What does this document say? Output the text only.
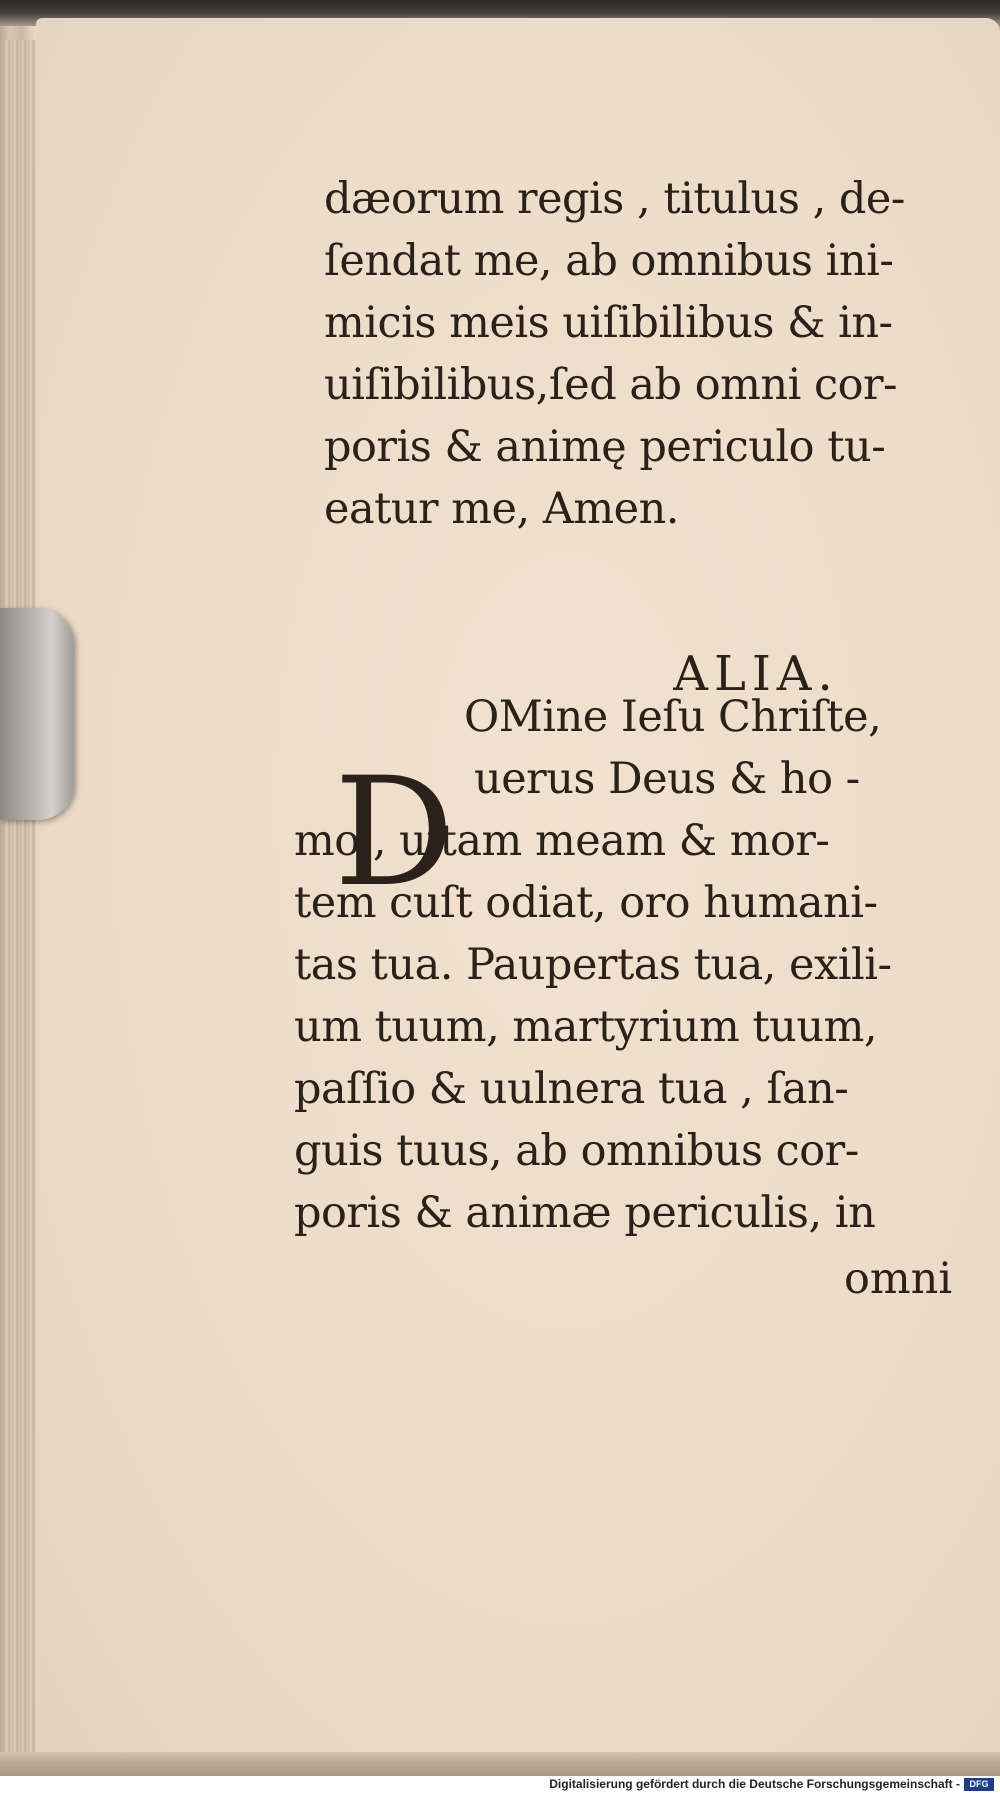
dæorum regis , titulus , de-
ſendat me, ab omnibus ini-
micis meis uiſibilibus & in-
uiſibilibus,ſed ab omni cor-
poris & animę periculo tu-
eatur me, Amen.
ALIA.
D
OMine Ieſu Chriſte,
uerus Deus & ho -
mo , uitam meam & mor-
tem cuſt odiat, oro humani-
tas tua. Paupertas tua, exili-
um tuum, martyrium tuum,
paſſio & uulnera tua , ſan-
guis tuus, ab omnibus cor-
poris & animæ periculis, in
omni
Digitalisierung gefördert durch die Deutsche Forschungsgemeinschaft -	DFG
